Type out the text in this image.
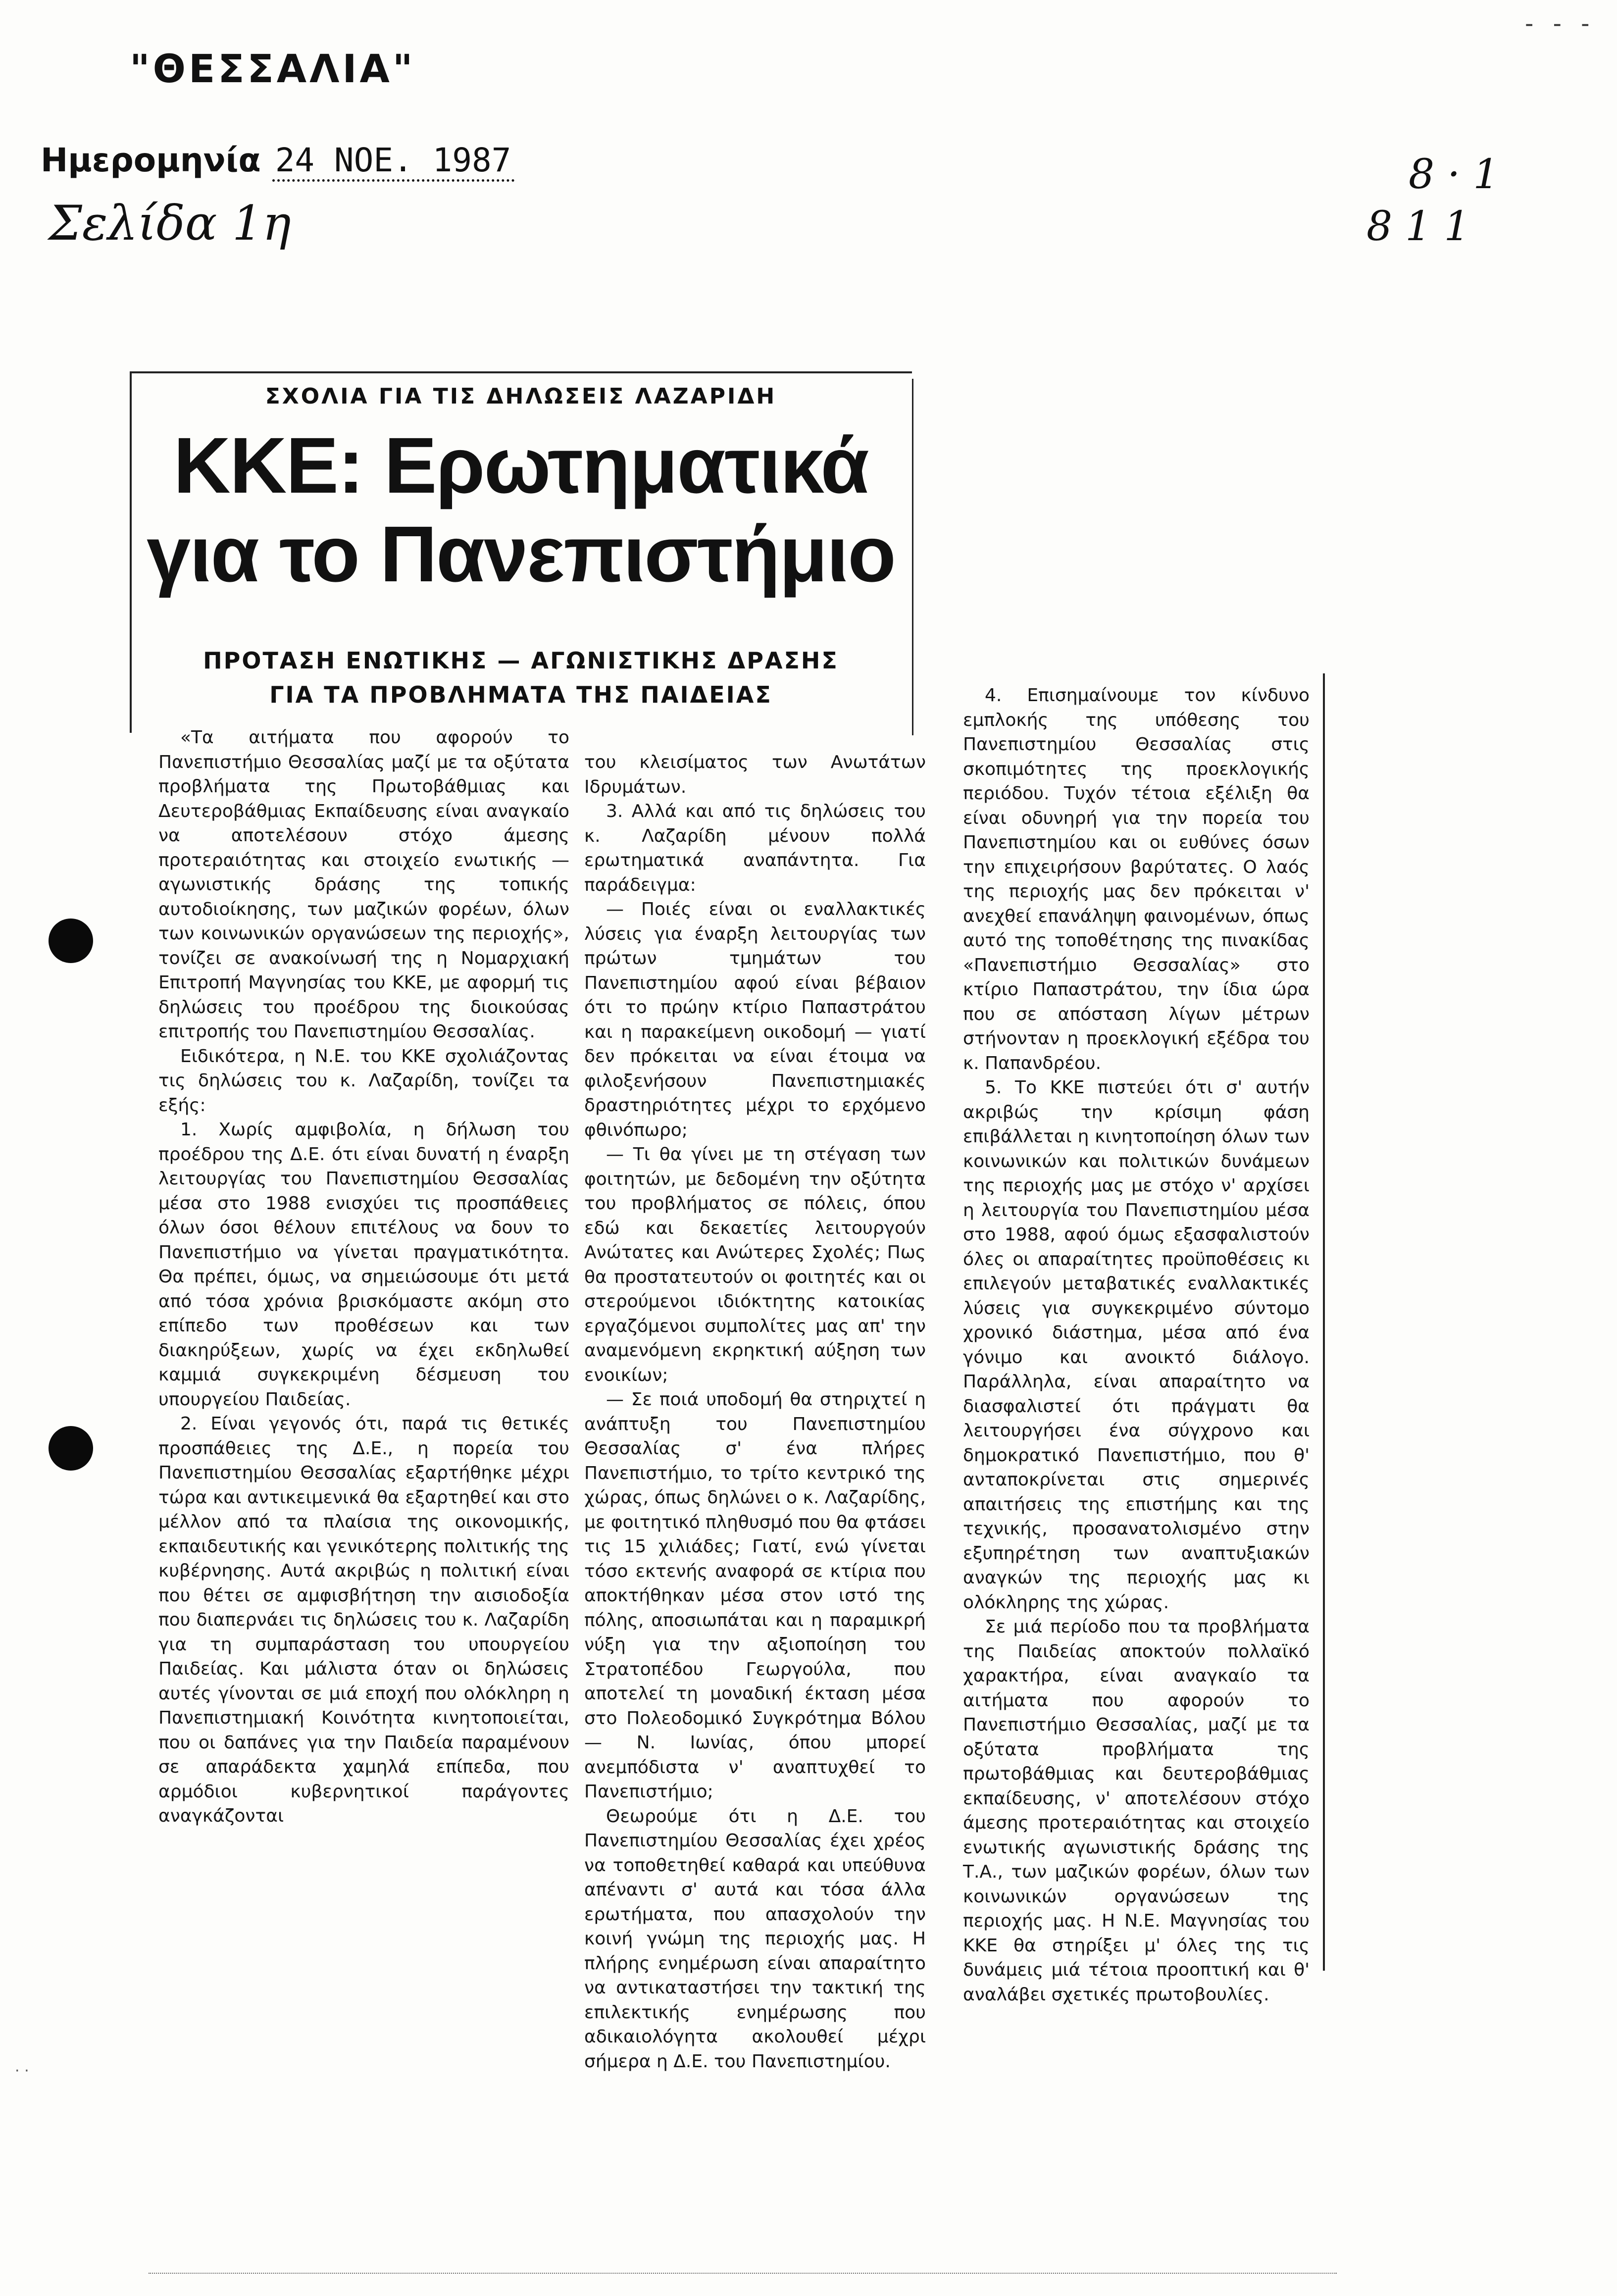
"ΘΕΣΣΑΛΙΑ"
Ημερομηνία 24 NOE. 1987
Σελίδα 1η
- - -
8 · 1
8 1 1
· ·
ΣΧΟΛΙΑ ΓΙΑ ΤΙΣ ΔΗΛΩΣΕΙΣ ΛΑΖΑΡΙΔΗ
ΚΚΕ: Ερωτηματικά
για το Πανεπιστήμιο
ΠΡΟΤΑΣΗ ΕΝΩΤΙΚΗΣ — ΑΓΩΝΙΣΤΙΚΗΣ ΔΡΑΣΗΣ
ΓΙΑ ΤΑ ΠΡΟΒΛΗΜΑΤΑ ΤΗΣ ΠΑΙΔΕΙΑΣ

«Τα αιτήματα που αφορούν το Πανεπιστήμιο Θεσσαλίας μαζί με τα οξύτατα προβλήματα της Πρωτοβάθμιας και Δευτεροβάθμιας Εκπαίδευσης είναι αναγκαίο να αποτελέσουν στόχο άμεσης προτεραιότητας και στοιχείο ενωτικής — αγωνιστικής δράσης της τοπικής αυτοδιοίκησης, των μαζικών φορέων, όλων των κοινωνικών οργανώσεων της περιοχής», τονίζει σε ανακοίνωσή της η Νομαρχιακή Επιτροπή Μαγνησίας του ΚΚΕ, με αφορμή τις δηλώσεις του προέδρου της διοικούσας επιτροπής του Πανεπιστημίου Θεσσαλίας.

Ειδικότερα, η Ν.Ε. του ΚΚΕ σχολιάζοντας τις δηλώσεις του κ. Λαζαρίδη, τονίζει τα εξής:

1. Χωρίς αμφιβολία, η δήλωση του προέδρου της Δ.Ε. ότι είναι δυνατή η έναρξη λειτουργίας του Πανεπιστημίου Θεσσαλίας μέσα στο 1988 ενισχύει τις προσπάθειες όλων όσοι θέλουν επιτέλους να δουν το Πανεπιστήμιο να γίνεται πραγματικότητα. Θα πρέπει, όμως, να σημειώσουμε ότι μετά από τόσα χρόνια βρισκόμαστε ακόμη στο επίπεδο των προθέσεων και των διακηρύξεων, χωρίς να έχει εκδηλωθεί καμμιά συγκεκριμένη δέσμευση του υπουργείου Παιδείας.

2. Είναι γεγονός ότι, παρά τις θετικές προσπάθειες της Δ.Ε., η πορεία του Πανεπιστημίου Θεσσαλίας εξαρτήθηκε μέχρι τώρα και αντικειμενικά θα εξαρτηθεί και στο μέλλον από τα πλαίσια της οικονομικής, εκπαιδευτικής και γενικότερης πολιτικής της κυβέρνησης. Αυτά ακριβώς η πολιτική είναι που θέτει σε αμφισβήτηση την αισιοδοξία που διαπερνάει τις δηλώσεις του κ. Λαζαρίδη για τη συμπαράσταση του υπουργείου Παιδείας. Και μάλιστα όταν οι δηλώσεις αυτές γίνονται σε μιά εποχή που ολόκληρη η Πανεπιστημιακή Κοινότητα κινητοποιείται, που οι δαπάνες για την Παιδεία παραμένουν σε απαράδεκτα χαμηλά επίπεδα, που αρμόδιοι κυβερνητικοί παράγοντες αναγκάζονται

του κλεισίματος των Ανωτάτων Ιδρυμάτων.

3. Αλλά και από τις δηλώσεις του κ. Λαζαρίδη μένουν πολλά ερωτηματικά αναπάντητα. Για παράδειγμα:

— Ποιές είναι οι εναλλακτικές λύσεις για έναρξη λειτουργίας των πρώτων τμημάτων του Πανεπιστημίου αφού είναι βέβαιον ότι το πρώην κτίριο Παπαστράτου και η παρακείμενη οικοδομή — γιατί δεν πρόκειται να είναι έτοιμα να φιλοξενήσουν Πανεπιστημιακές δραστηριότητες μέχρι το ερχόμενο φθινόπωρο;

— Τι θα γίνει με τη στέγαση των φοιτητών, με δεδομένη την οξύτητα του προβλήματος σε πόλεις, όπου εδώ και δεκαετίες λειτουργούν Ανώτατες και Ανώτερες Σχολές; Πως θα προστατευτούν οι φοιτητές και οι στερούμενοι ιδιόκτητης κατοικίας εργαζόμενοι συμπολίτες μας απ' την αναμενόμενη εκρηκτική αύξηση των ενοικίων;

— Σε ποιά υποδομή θα στηριχτεί η ανάπτυξη του Πανεπιστημίου Θεσσαλίας σ' ένα πλήρες Πανεπιστήμιο, το τρίτο κεντρικό της χώρας, όπως δηλώνει ο κ. Λαζαρίδης, με φοιτητικό πληθυσμό που θα φτάσει τις 15 χιλιάδες; Γιατί, ενώ γίνεται τόσο εκτενής αναφορά σε κτίρια που αποκτήθηκαν μέσα στον ιστό της πόλης, αποσιωπάται και η παραμικρή νύξη για την αξιοποίηση του Στρατοπέδου Γεωργούλα, που αποτελεί τη μοναδική έκταση μέσα στο Πολεοδομικό Συγκρότημα Βόλου — Ν. Ιωνίας, όπου μπορεί ανεμπόδιστα ν' αναπτυχθεί το Πανεπιστήμιο;

Θεωρούμε ότι η Δ.Ε. του Πανεπιστημίου Θεσσαλίας έχει χρέος να τοποθετηθεί καθαρά και υπεύθυνα απέναντι σ' αυτά και τόσα άλλα ερωτήματα, που απασχολούν την κοινή γνώμη της περιοχής μας. Η πλήρης ενημέρωση είναι απαραίτητο να αντικαταστήσει την τακτική της επιλεκτικής ενημέρωσης που αδικαιολόγητα ακολουθεί μέχρι σήμερα η Δ.Ε. του Πανεπιστημίου.

4. Επισημαίνουμε τον κίνδυνο εμπλοκής της υπόθεσης του Πανεπιστημίου Θεσσαλίας στις σκοπιμότητες της προεκλογικής περιόδου. Τυχόν τέτοια εξέλιξη θα είναι οδυνηρή για την πορεία του Πανεπιστημίου και οι ευθύνες όσων την επιχειρήσουν βαρύτατες. Ο λαός της περιοχής μας δεν πρόκειται ν' ανεχθεί επανάληψη φαινομένων, όπως αυτό της τοποθέτησης της πινακίδας «Πανεπιστήμιο Θεσσαλίας» στο κτίριο Παπαστράτου, την ίδια ώρα που σε απόσταση λίγων μέτρων στήνονταν η προεκλογική εξέδρα του κ. Παπανδρέου.

5. Το ΚΚΕ πιστεύει ότι σ' αυτήν ακριβώς την κρίσιμη φάση επιβάλλεται η κινητοποίηση όλων των κοινωνικών και πολιτικών δυνάμεων της περιοχής μας με στόχο ν' αρχίσει η λειτουργία του Πανεπιστημίου μέσα στο 1988, αφού όμως εξασφαλιστούν όλες οι απαραίτητες προϋποθέσεις κι επιλεγούν μεταβατικές εναλλακτικές λύσεις για συγκεκριμένο σύντομο χρονικό διάστημα, μέσα από ένα γόνιμο και ανοικτό διάλογο. Παράλληλα, είναι απαραίτητο να διασφαλιστεί ότι πράγματι θα λειτουργήσει ένα σύγχρονο και δημοκρατικό Πανεπιστήμιο, που θ' ανταποκρίνεται στις σημερινές απαιτήσεις της επιστήμης και της τεχνικής, προσανατολισμένο στην εξυπηρέτηση των αναπτυξιακών αναγκών της περιοχής μας κι ολόκληρης της χώρας.

Σε μιά περίοδο που τα προβλήματα της Παιδείας αποκτούν πολλαϊκό χαρακτήρα, είναι αναγκαίο τα αιτήματα που αφορούν το Πανεπιστήμιο Θεσσαλίας, μαζί με τα οξύτατα προβλήματα της πρωτοβάθμιας και δευτεροβάθμιας εκπαίδευσης, ν' αποτελέσουν στόχο άμεσης προτεραιότητας και στοιχείο ενωτικής αγωνιστικής δράσης της Τ.Α., των μαζικών φορέων, όλων των κοινωνικών οργανώσεων της περιοχής μας. Η Ν.Ε. Μαγνησίας του ΚΚΕ θα στηρίξει μ' όλες της τις δυνάμεις μιά τέτοια προοπτική και θ' αναλάβει σχετικές πρωτοβουλίες.
